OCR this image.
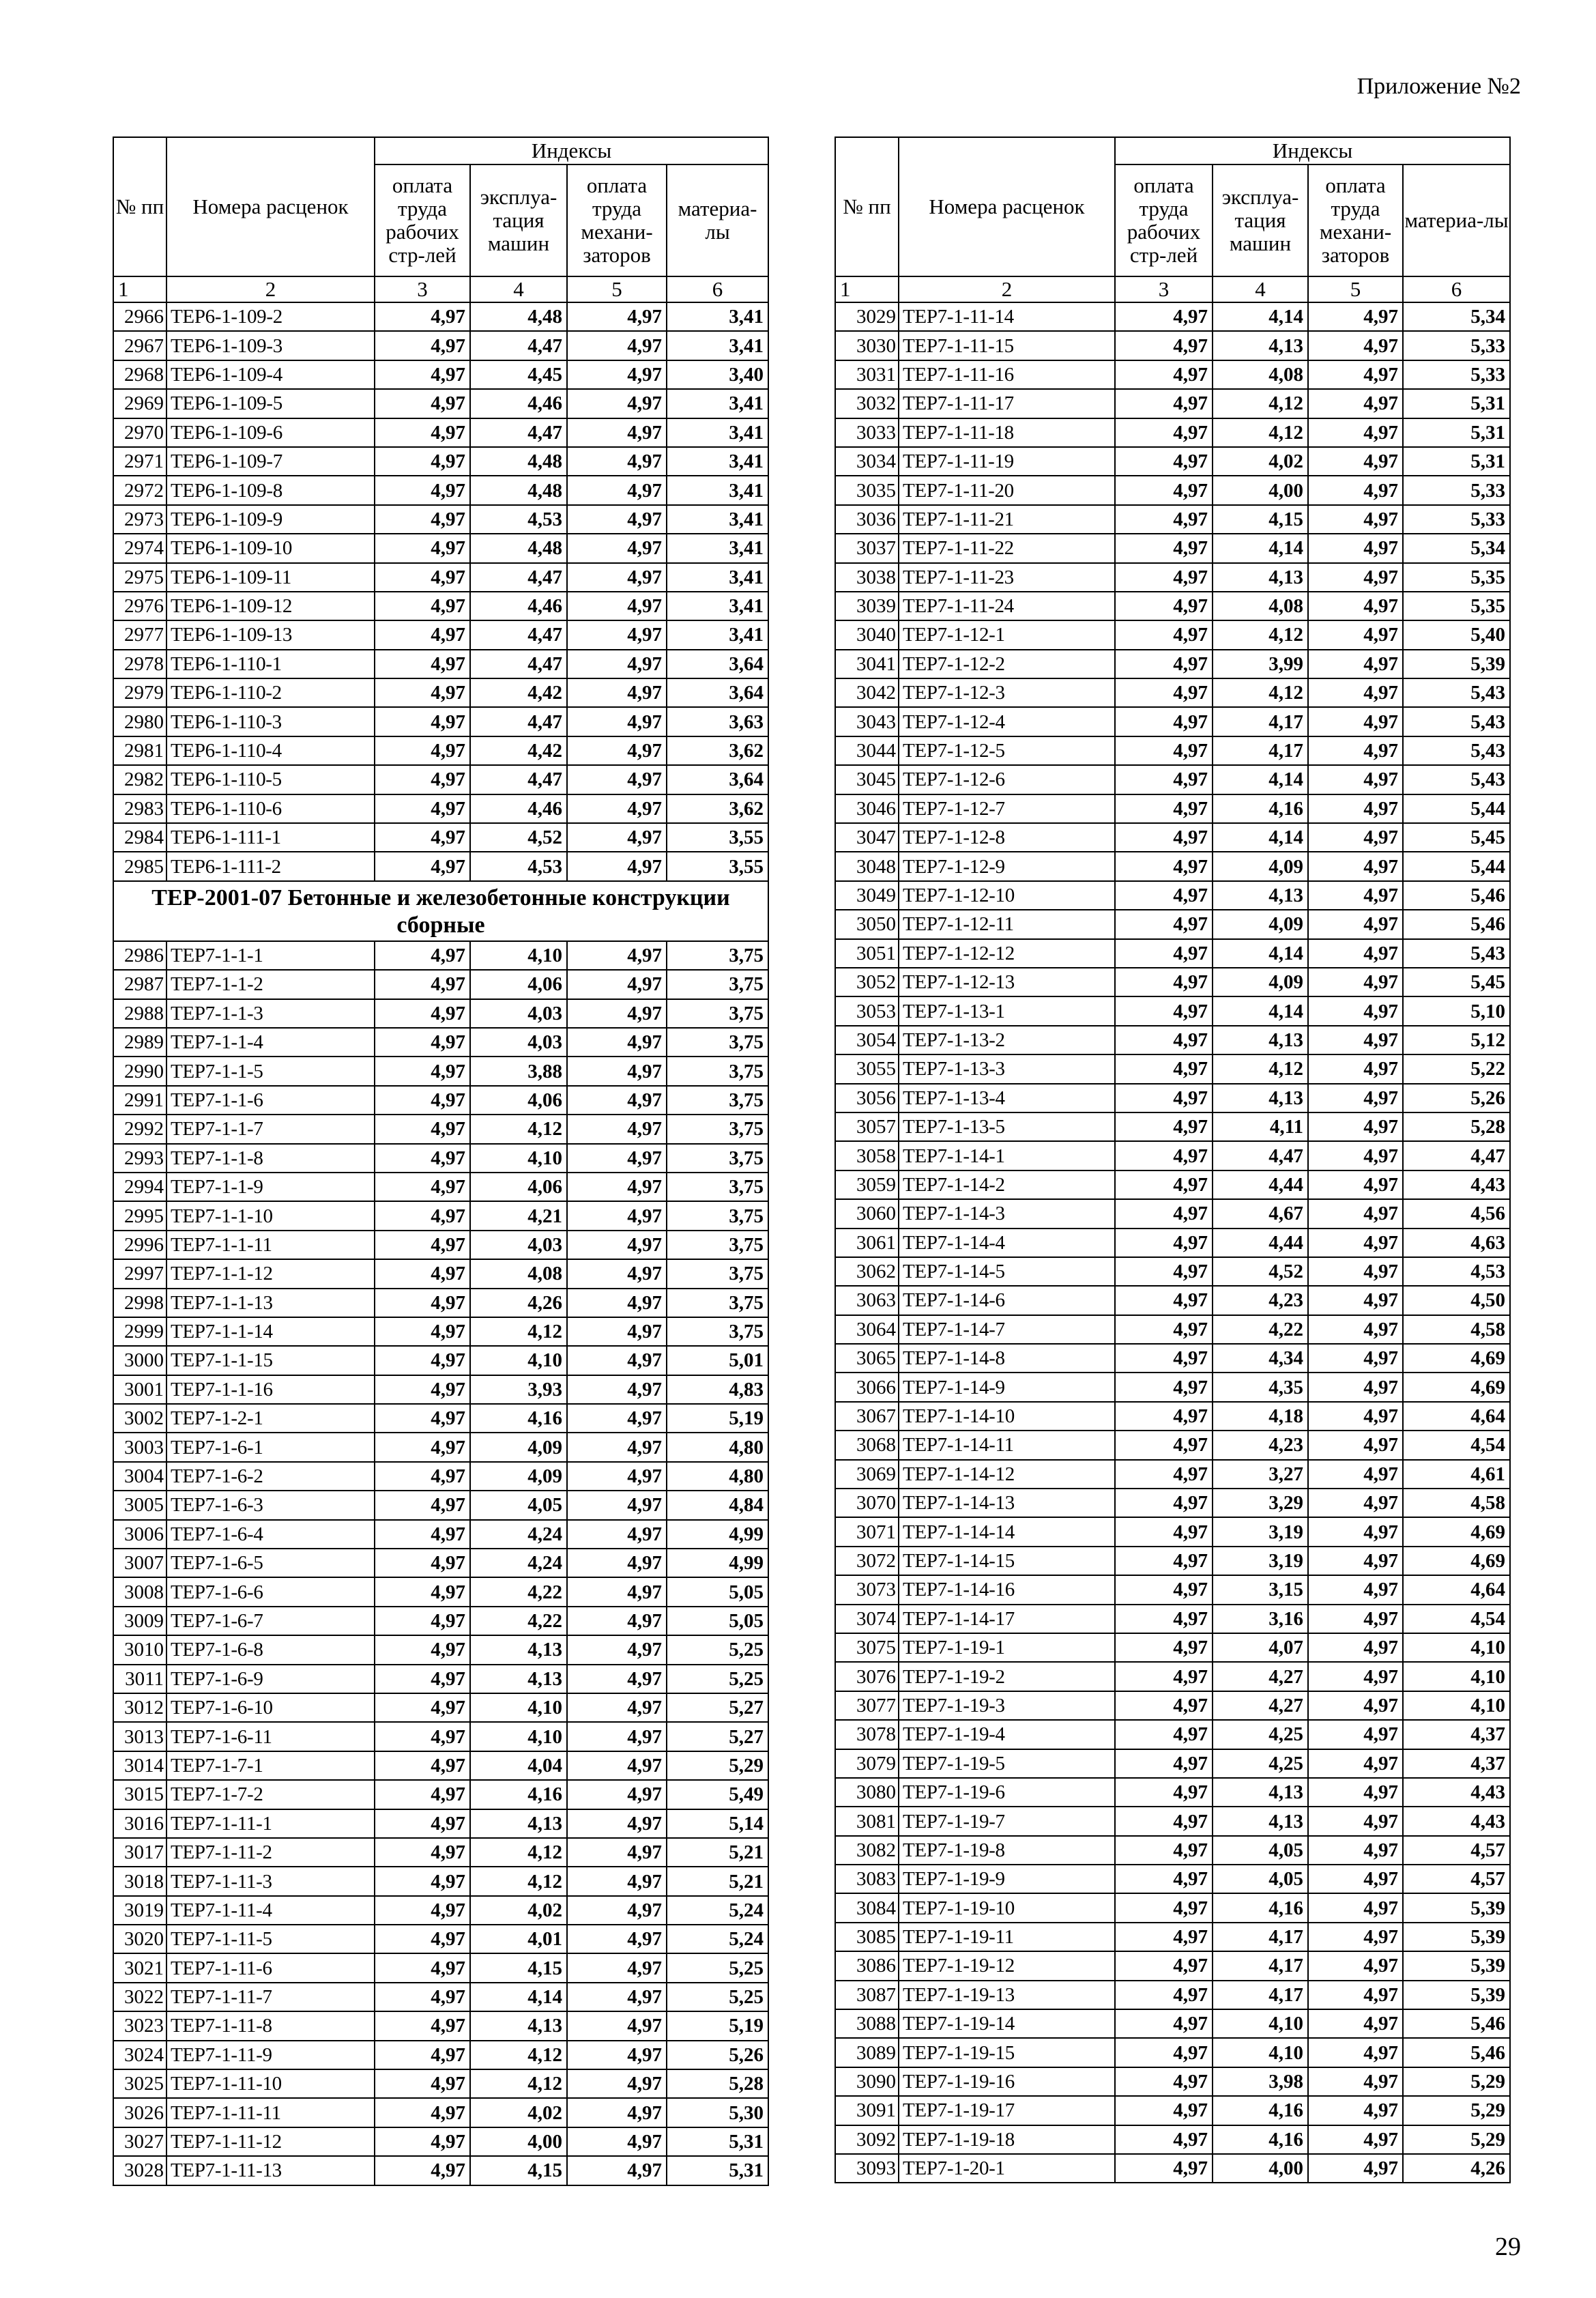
Приложение №2
№ пп	Номера расценок	Индексы			
		оплата труда рабочих стр-лей	эксплуа-тация машин	оплата труда механи-заторов	материа-лы
1	2	3	4	5	6
2966	ТЕР6-1-109-2	4,97	4,48	4,97	3,41
2967	ТЕР6-1-109-3	4,97	4,47	4,97	3,41
2968	ТЕР6-1-109-4	4,97	4,45	4,97	3,40
2969	ТЕР6-1-109-5	4,97	4,46	4,97	3,41
2970	ТЕР6-1-109-6	4,97	4,47	4,97	3,41
2971	ТЕР6-1-109-7	4,97	4,48	4,97	3,41
2972	ТЕР6-1-109-8	4,97	4,48	4,97	3,41
2973	ТЕР6-1-109-9	4,97	4,53	4,97	3,41
2974	ТЕР6-1-109-10	4,97	4,48	4,97	3,41
2975	ТЕР6-1-109-11	4,97	4,47	4,97	3,41
2976	ТЕР6-1-109-12	4,97	4,46	4,97	3,41
2977	ТЕР6-1-109-13	4,97	4,47	4,97	3,41
2978	ТЕР6-1-110-1	4,97	4,47	4,97	3,64
2979	ТЕР6-1-110-2	4,97	4,42	4,97	3,64
2980	ТЕР6-1-110-3	4,97	4,47	4,97	3,63
2981	ТЕР6-1-110-4	4,97	4,42	4,97	3,62
2982	ТЕР6-1-110-5	4,97	4,47	4,97	3,64
2983	ТЕР6-1-110-6	4,97	4,46	4,97	3,62
2984	ТЕР6-1-111-1	4,97	4,52	4,97	3,55
2985	ТЕР6-1-111-2	4,97	4,53	4,97	3,55
ТЕР-2001-07 Бетонные и железобетонные конструкции сборные					
2986	ТЕР7-1-1-1	4,97	4,10	4,97	3,75
2987	ТЕР7-1-1-2	4,97	4,06	4,97	3,75
2988	ТЕР7-1-1-3	4,97	4,03	4,97	3,75
2989	ТЕР7-1-1-4	4,97	4,03	4,97	3,75
2990	ТЕР7-1-1-5	4,97	3,88	4,97	3,75
2991	ТЕР7-1-1-6	4,97	4,06	4,97	3,75
2992	ТЕР7-1-1-7	4,97	4,12	4,97	3,75
2993	ТЕР7-1-1-8	4,97	4,10	4,97	3,75
2994	ТЕР7-1-1-9	4,97	4,06	4,97	3,75
2995	ТЕР7-1-1-10	4,97	4,21	4,97	3,75
2996	ТЕР7-1-1-11	4,97	4,03	4,97	3,75
2997	ТЕР7-1-1-12	4,97	4,08	4,97	3,75
2998	ТЕР7-1-1-13	4,97	4,26	4,97	3,75
2999	ТЕР7-1-1-14	4,97	4,12	4,97	3,75
3000	ТЕР7-1-1-15	4,97	4,10	4,97	5,01
3001	ТЕР7-1-1-16	4,97	3,93	4,97	4,83
3002	ТЕР7-1-2-1	4,97	4,16	4,97	5,19
3003	ТЕР7-1-6-1	4,97	4,09	4,97	4,80
3004	ТЕР7-1-6-2	4,97	4,09	4,97	4,80
3005	ТЕР7-1-6-3	4,97	4,05	4,97	4,84
3006	ТЕР7-1-6-4	4,97	4,24	4,97	4,99
3007	ТЕР7-1-6-5	4,97	4,24	4,97	4,99
3008	ТЕР7-1-6-6	4,97	4,22	4,97	5,05
3009	ТЕР7-1-6-7	4,97	4,22	4,97	5,05
3010	ТЕР7-1-6-8	4,97	4,13	4,97	5,25
3011	ТЕР7-1-6-9	4,97	4,13	4,97	5,25
3012	ТЕР7-1-6-10	4,97	4,10	4,97	5,27
3013	ТЕР7-1-6-11	4,97	4,10	4,97	5,27
3014	ТЕР7-1-7-1	4,97	4,04	4,97	5,29
3015	ТЕР7-1-7-2	4,97	4,16	4,97	5,49
3016	ТЕР7-1-11-1	4,97	4,13	4,97	5,14
3017	ТЕР7-1-11-2	4,97	4,12	4,97	5,21
3018	ТЕР7-1-11-3	4,97	4,12	4,97	5,21
3019	ТЕР7-1-11-4	4,97	4,02	4,97	5,24
3020	ТЕР7-1-11-5	4,97	4,01	4,97	5,24
3021	ТЕР7-1-11-6	4,97	4,15	4,97	5,25
3022	ТЕР7-1-11-7	4,97	4,14	4,97	5,25
3023	ТЕР7-1-11-8	4,97	4,13	4,97	5,19
3024	ТЕР7-1-11-9	4,97	4,12	4,97	5,26
3025	ТЕР7-1-11-10	4,97	4,12	4,97	5,28
3026	ТЕР7-1-11-11	4,97	4,02	4,97	5,30
3027	ТЕР7-1-11-12	4,97	4,00	4,97	5,31
3028	ТЕР7-1-11-13	4,97	4,15	4,97	5,31
№ пп	Номера расценок	Индексы			
		оплата труда рабочих стр-лей	эксплуа-тация машин	оплата труда механи-заторов	материа-лы
1	2	3	4	5	6
3029	ТЕР7-1-11-14	4,97	4,14	4,97	5,34
3030	ТЕР7-1-11-15	4,97	4,13	4,97	5,33
3031	ТЕР7-1-11-16	4,97	4,08	4,97	5,33
3032	ТЕР7-1-11-17	4,97	4,12	4,97	5,31
3033	ТЕР7-1-11-18	4,97	4,12	4,97	5,31
3034	ТЕР7-1-11-19	4,97	4,02	4,97	5,31
3035	ТЕР7-1-11-20	4,97	4,00	4,97	5,33
3036	ТЕР7-1-11-21	4,97	4,15	4,97	5,33
3037	ТЕР7-1-11-22	4,97	4,14	4,97	5,34
3038	ТЕР7-1-11-23	4,97	4,13	4,97	5,35
3039	ТЕР7-1-11-24	4,97	4,08	4,97	5,35
3040	ТЕР7-1-12-1	4,97	4,12	4,97	5,40
3041	ТЕР7-1-12-2	4,97	3,99	4,97	5,39
3042	ТЕР7-1-12-3	4,97	4,12	4,97	5,43
3043	ТЕР7-1-12-4	4,97	4,17	4,97	5,43
3044	ТЕР7-1-12-5	4,97	4,17	4,97	5,43
3045	ТЕР7-1-12-6	4,97	4,14	4,97	5,43
3046	ТЕР7-1-12-7	4,97	4,16	4,97	5,44
3047	ТЕР7-1-12-8	4,97	4,14	4,97	5,45
3048	ТЕР7-1-12-9	4,97	4,09	4,97	5,44
3049	ТЕР7-1-12-10	4,97	4,13	4,97	5,46
3050	ТЕР7-1-12-11	4,97	4,09	4,97	5,46
3051	ТЕР7-1-12-12	4,97	4,14	4,97	5,43
3052	ТЕР7-1-12-13	4,97	4,09	4,97	5,45
3053	ТЕР7-1-13-1	4,97	4,14	4,97	5,10
3054	ТЕР7-1-13-2	4,97	4,13	4,97	5,12
3055	ТЕР7-1-13-3	4,97	4,12	4,97	5,22
3056	ТЕР7-1-13-4	4,97	4,13	4,97	5,26
3057	ТЕР7-1-13-5	4,97	4,11	4,97	5,28
3058	ТЕР7-1-14-1	4,97	4,47	4,97	4,47
3059	ТЕР7-1-14-2	4,97	4,44	4,97	4,43
3060	ТЕР7-1-14-3	4,97	4,67	4,97	4,56
3061	ТЕР7-1-14-4	4,97	4,44	4,97	4,63
3062	ТЕР7-1-14-5	4,97	4,52	4,97	4,53
3063	ТЕР7-1-14-6	4,97	4,23	4,97	4,50
3064	ТЕР7-1-14-7	4,97	4,22	4,97	4,58
3065	ТЕР7-1-14-8	4,97	4,34	4,97	4,69
3066	ТЕР7-1-14-9	4,97	4,35	4,97	4,69
3067	ТЕР7-1-14-10	4,97	4,18	4,97	4,64
3068	ТЕР7-1-14-11	4,97	4,23	4,97	4,54
3069	ТЕР7-1-14-12	4,97	3,27	4,97	4,61
3070	ТЕР7-1-14-13	4,97	3,29	4,97	4,58
3071	ТЕР7-1-14-14	4,97	3,19	4,97	4,69
3072	ТЕР7-1-14-15	4,97	3,19	4,97	4,69
3073	ТЕР7-1-14-16	4,97	3,15	4,97	4,64
3074	ТЕР7-1-14-17	4,97	3,16	4,97	4,54
3075	ТЕР7-1-19-1	4,97	4,07	4,97	4,10
3076	ТЕР7-1-19-2	4,97	4,27	4,97	4,10
3077	ТЕР7-1-19-3	4,97	4,27	4,97	4,10
3078	ТЕР7-1-19-4	4,97	4,25	4,97	4,37
3079	ТЕР7-1-19-5	4,97	4,25	4,97	4,37
3080	ТЕР7-1-19-6	4,97	4,13	4,97	4,43
3081	ТЕР7-1-19-7	4,97	4,13	4,97	4,43
3082	ТЕР7-1-19-8	4,97	4,05	4,97	4,57
3083	ТЕР7-1-19-9	4,97	4,05	4,97	4,57
3084	ТЕР7-1-19-10	4,97	4,16	4,97	5,39
3085	ТЕР7-1-19-11	4,97	4,17	4,97	5,39
3086	ТЕР7-1-19-12	4,97	4,17	4,97	5,39
3087	ТЕР7-1-19-13	4,97	4,17	4,97	5,39
3088	ТЕР7-1-19-14	4,97	4,10	4,97	5,46
3089	ТЕР7-1-19-15	4,97	4,10	4,97	5,46
3090	ТЕР7-1-19-16	4,97	3,98	4,97	5,29
3091	ТЕР7-1-19-17	4,97	4,16	4,97	5,29
3092	ТЕР7-1-19-18	4,97	4,16	4,97	5,29
3093	ТЕР7-1-20-1	4,97	4,00	4,97	4,26
29
